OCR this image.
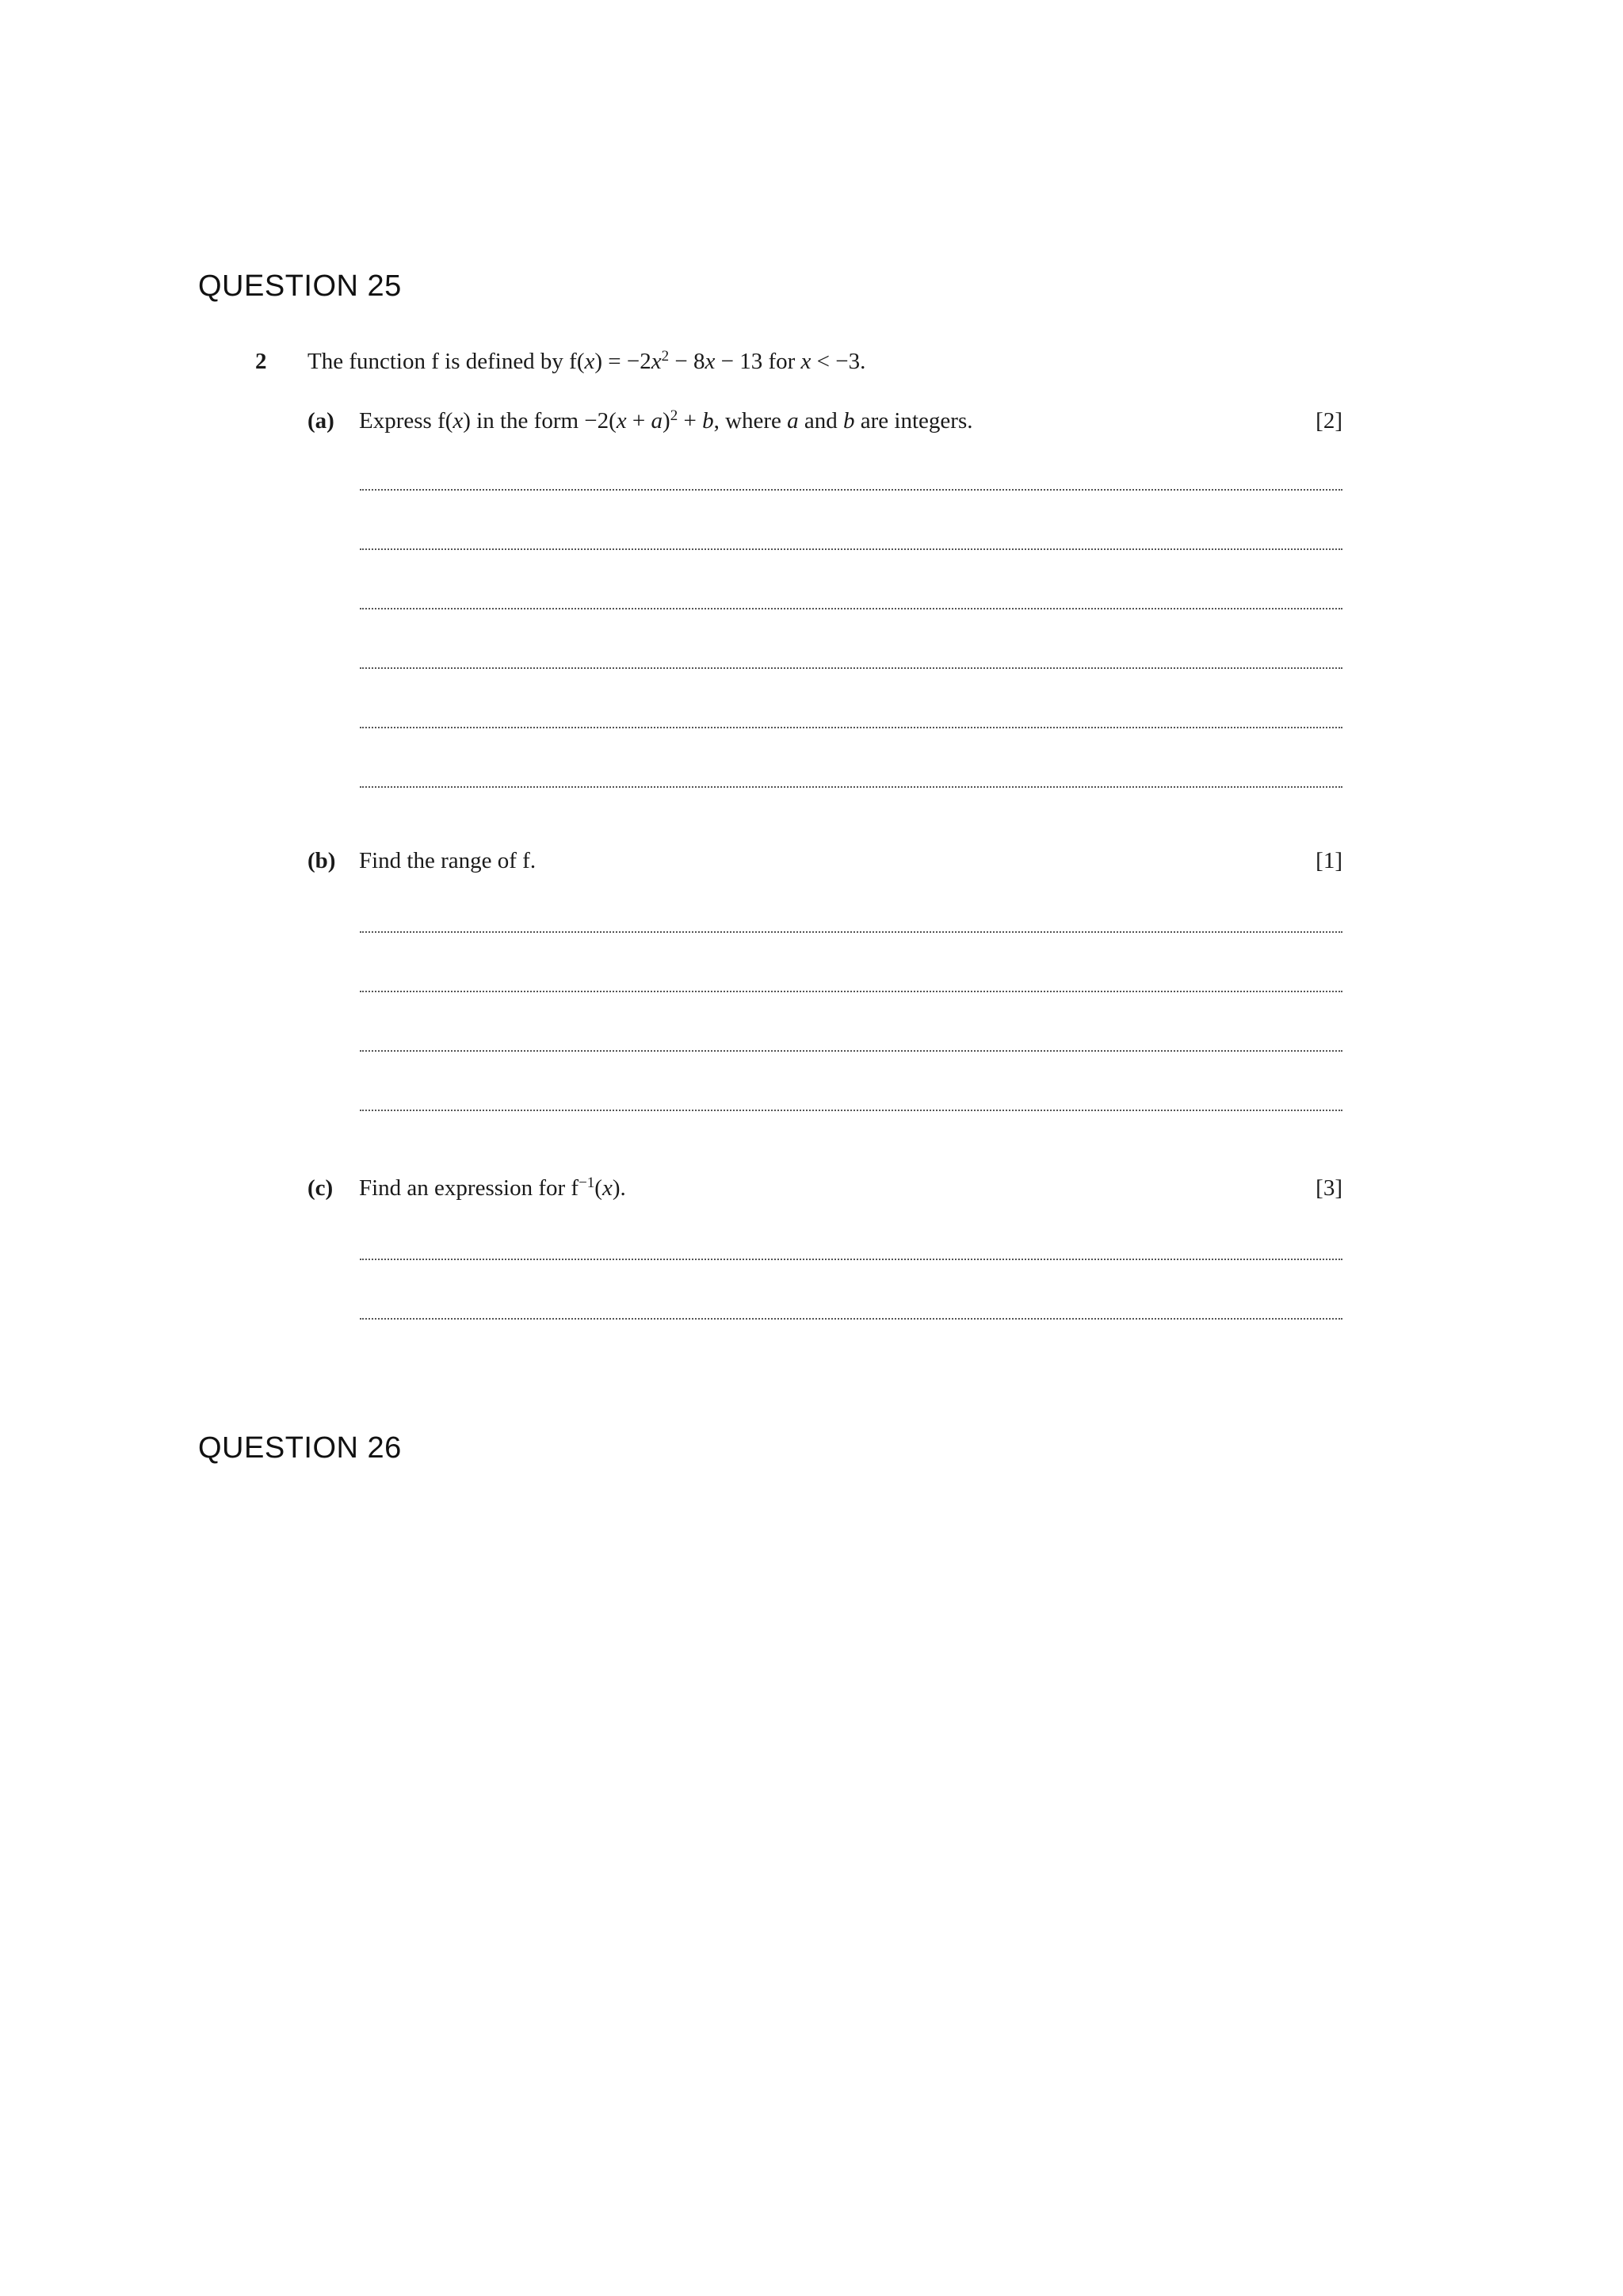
QUESTION 25
2 The function f is defined by $f(x) = -2x^2 - 8x - 13$ for x < −3.
(a) Express f(x) in the form $-2(x + a)^2 + b$, where a and b are integers.	[2]
(b) Find the range of f.	[1]
(c) Find an expression for $f^{-1}(x)$.	[3]
QUESTION 26
